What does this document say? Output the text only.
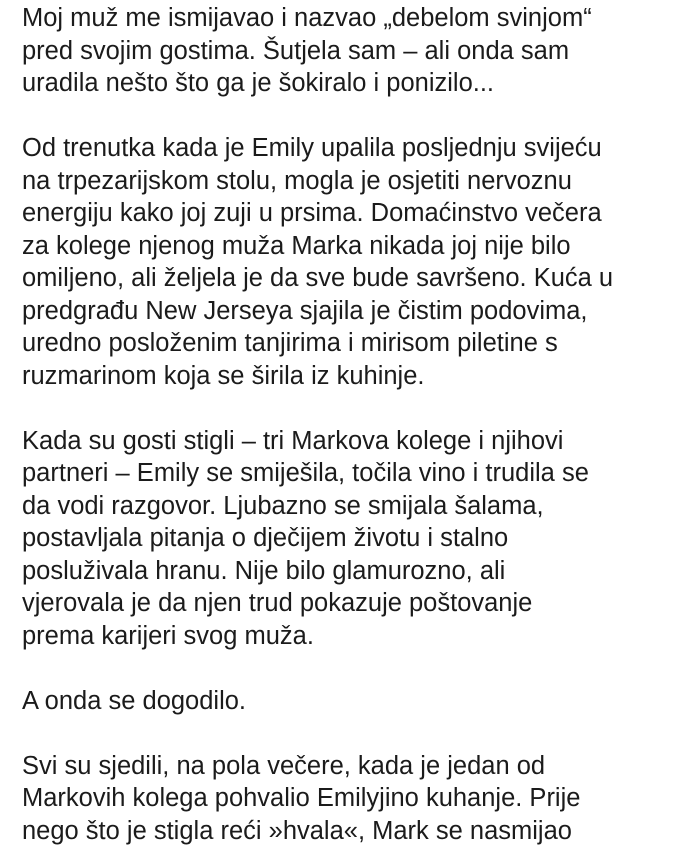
Moj muž me ismijavao i nazvao „debelom svinjom“
pred svojim gostima. Šutjela sam – ali onda sam
uradila nešto što ga je šokiralo i ponizilo...

Od trenutka kada je Emily upalila posljednju svijeću
na trpezarijskom stolu, mogla je osjetiti nervoznu
energiju kako joj zuji u prsima. Domaćinstvo večera
za kolege njenog muža Marka nikada joj nije bilo
omiljeno, ali željela je da sve bude savršeno. Kuća u
predgrađu New Jerseya sjajila je čistim podovima,
uredno posloženim tanjirima i mirisom piletine s
ruzmarinom koja se širila iz kuhinje.

Kada su gosti stigli – tri Markova kolege i njihovi
partneri – Emily se smiješila, točila vino i trudila se
da vodi razgovor. Ljubazno se smijala šalama,
postavljala pitanja o dječijem životu i stalno
posluživala hranu. Nije bilo glamurozno, ali
vjerovala je da njen trud pokazuje poštovanje
prema karijeri svog muža.

A onda se dogodilo.

Svi su sjedili, na pola večere, kada je jedan od
Markovih kolega pohvalio Emilyjino kuhanje. Prije
nego što je stigla reći »hvala«, Mark se nasmijao
